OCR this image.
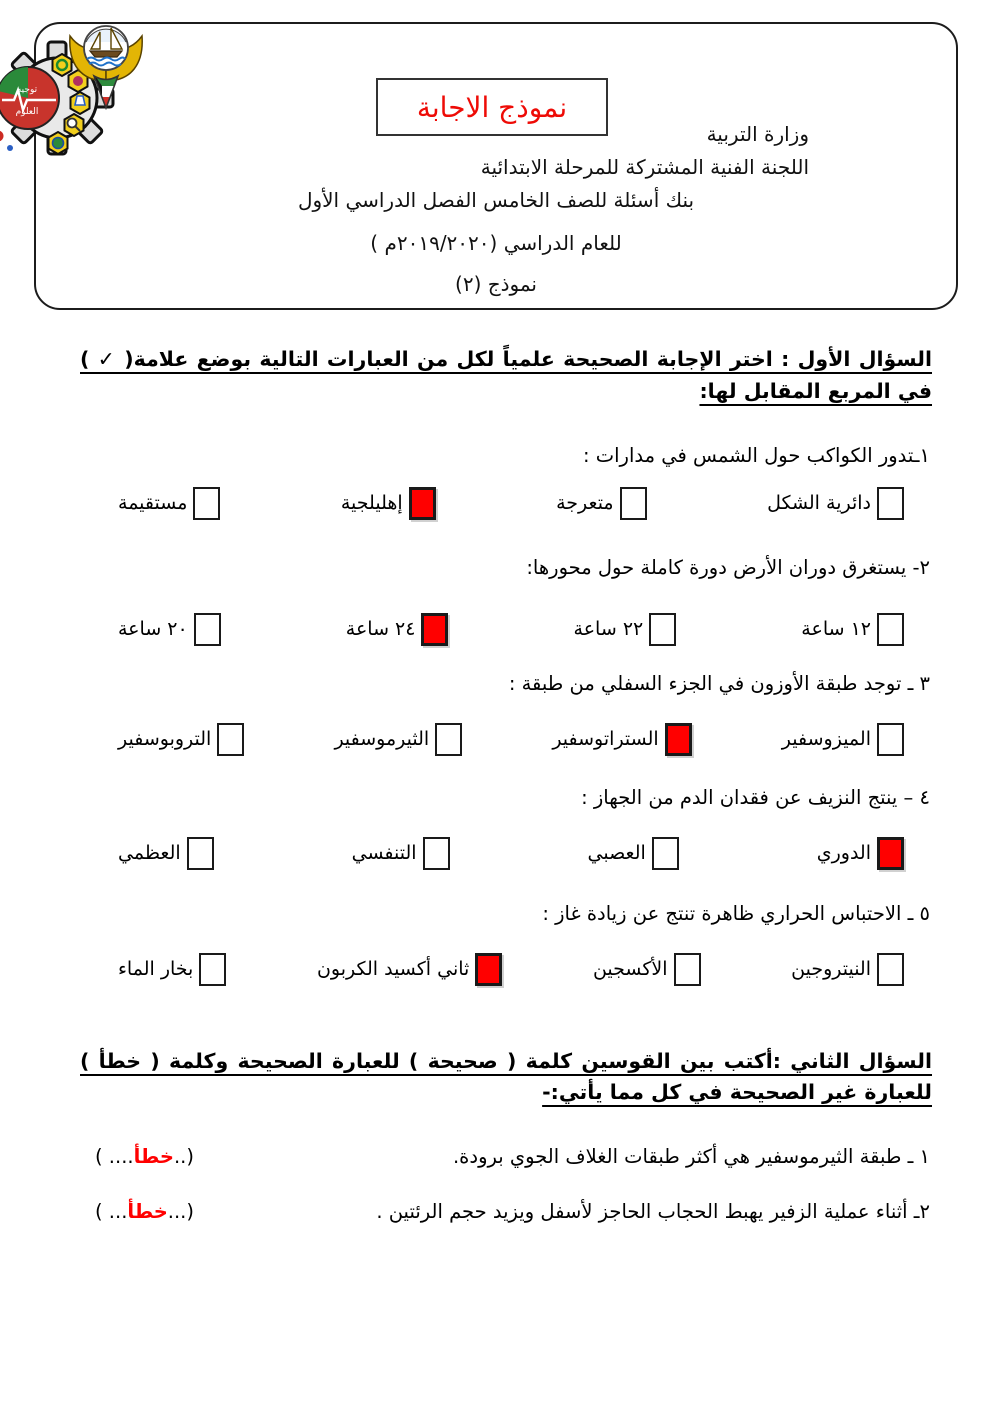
توجيه
العلوم	نموذج الاجابة
وزارة التربية
اللجنة الفنية المشتركة للمرحلة الابتدائية
بنك أسئلة للصف الخامس الفصل الدراسي الأول
للعام الدراسي (٢٠١٩/٢٠٢٠م )
نموذج (٢)
السؤال الأول : اختر الإجابة الصحيحة علمياً لكل من العبارات التالية بوضع علامة( ✓ ) في المربع المقابل لها:
١ـتدور الكواكب حول الشمس في مدارات :
دائرية الشكل
متعرجة
إهليلجية
مستقيمة
٢- يستغرق دوران الأرض دورة كاملة حول محورها:
١٢ ساعة
٢٢ ساعة
٢٤ ساعة
٢٠ ساعة
٣ ـ توجد طبقة الأوزون في الجزء السفلي من طبقة :
الميزوسفير
الستراتوسفير
الثيرموسفير
التروبوسفير
٤ – ينتج النزيف عن فقدان الدم من الجهاز :
الدوري
العصبي
التنفسي
العظمي
٥ ـ الاحتباس الحراري ظاهرة تنتج عن زيادة غاز :
النيتروجين
الأكسجين
ثاني أكسيد الكربون
بخار الماء
السؤال الثاني :أكتب بين القوسين كلمة ( صحيحة ) للعبارة الصحيحة وكلمة ( خطأ ) للعبارة غير الصحيحة في كل مما يأتي:-
١ ـ طبقة الثيرموسفير هي أكثر طبقات الغلاف الجوي برودة.
( ....خطأ..)
٢ـ أثناء عملية الزفير يهبط الحجاب الحاجز لأسفل ويزيد حجم الرئتين .
( ...خطأ...)
